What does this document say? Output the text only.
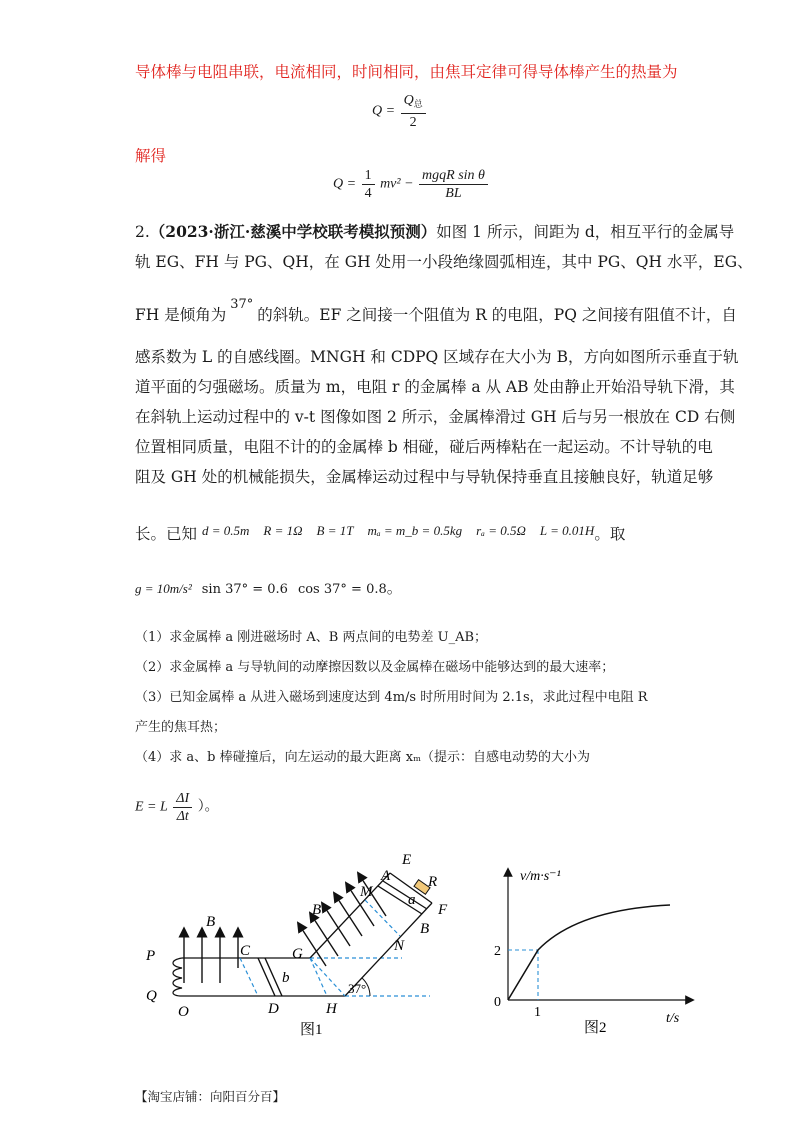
导体棒与电阻串联，电流相同，时间相同，由焦耳定律可得导体棒产生的热量为
$Q = \frac{Q_总}{2}$
解得
$Q = \frac{1}{4} mv^2 - \frac{\text{mgqR sin θ}}{BL}$
2.（2023·浙江·慈溪中学校联考模拟预测）如图 1 所示，间距为 d，相互平行的金属导
轨 EG、FH 与 PG、QH，在 GH 处用一小段绝缘圆弧相连，其中 PG、QH 水平，EG、
FH 是倾角为$^{37^\circ}$的斜轨。EF 之间接一个阻值为 R 的电阻，PQ 之间接有阻值不计，自
感系数为 L 的自感线圈。MNGH 和 CDPQ 区域存在大小为 B，方向如图所示垂直于轨
道平面的匀强磁场。质量为 m，电阻 r 的金属棒 a 从 AB 处由静止开始沿导轨下滑，其
在斜轨上运动过程中的 v-t 图像如图 2 所示，金属棒滑过 GH 后与另一根放在 CD 右侧
位置相同质量，电阻不计的的金属棒 b 相碰，碰后两棒粘在一起运动。不计导轨的电
阻及 GH 处的机械能损失，金属棒运动过程中与导轨保持垂直且接触良好，轨道足够
长。已知 $^{d = 0.5m}$ $^{R = 1\Omega}$ $^{B = 1T}$ $^{m_a = m\_b = 0.5kg}$ $^{r_a = 0.5\Omega}$ $^{L = 0.01H}$。取
g = 10m/s² sin 37° = 0.6 cos 37° = 0.8。
（1）求金属棒 a 刚进磁场时 A、B 两点间的电势差 U_AB；
（2）求金属棒 a 与导轨间的动摩擦因数以及金属棒在磁场中能够达到的最大速率；
（3）已知金属棒 a 从进入磁场到速度达到 4m/s 时所用时间为 2.1s，求此过程中电阻 R
产生的焦耳热；
（4）求 a、b 棒碰撞后，向左运动的最大距离 xₘ（提示：自感电动势的大小为
E = L $\frac{\Delta I}{\Delta t}$ ）。
P
Q
O
C
D
b
B
G
H
B
M
N
E
A	R
a
F
B
37°
图1
v/m·s⁻¹
t/s
2
1
0
图2
【淘宝店铺：向阳百分百】
